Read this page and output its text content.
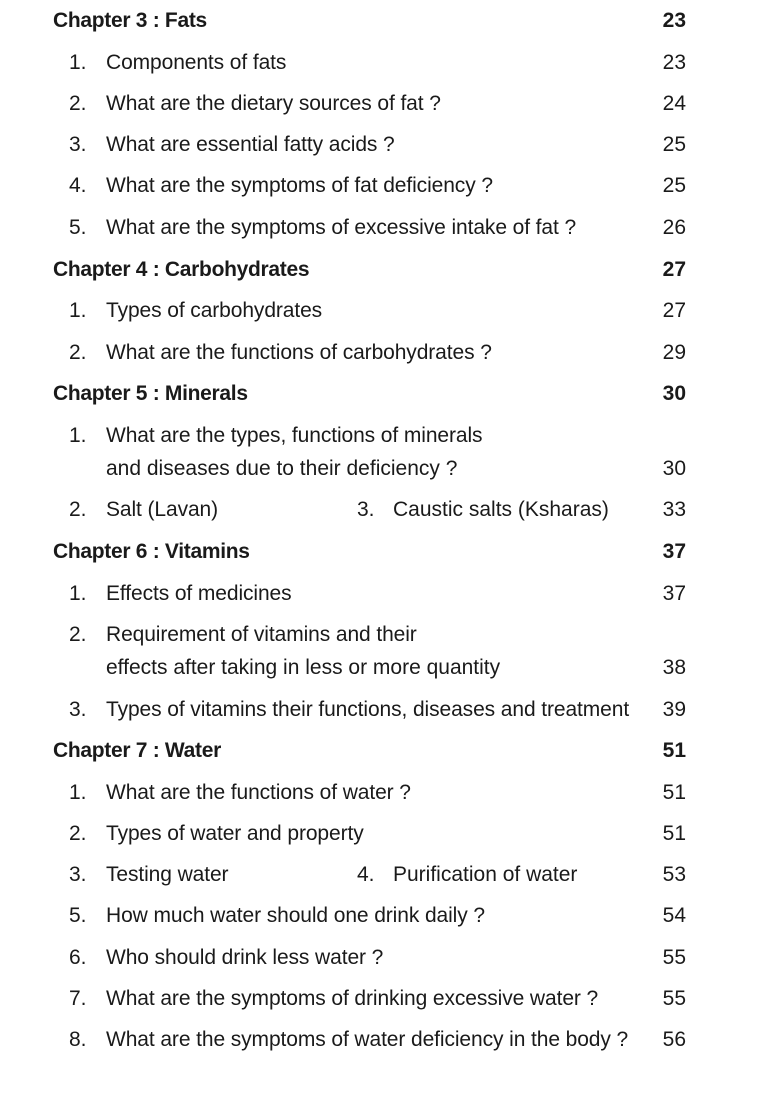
Chapter 3 : Fats	23
1. Components of fats	23
2. What are the dietary sources of fat ?	24
3. What are essential fatty acids ?	25
4. What are the symptoms of fat deficiency ?	25
5. What are the symptoms of excessive intake of fat ?	26
Chapter 4 : Carbohydrates	27
1. Types of carbohydrates	27
2. What are the functions of carbohydrates ?	29
Chapter 5 : Minerals	30
1. What are the types, functions of minerals
and diseases due to their deficiency ?	30
2. Salt (Lavan)	3. Caustic salts (Ksharas)	33
Chapter 6 : Vitamins	37
1. Effects of medicines	37
2. Requirement of vitamins and their
effects after taking in less or more quantity	38
3. Types of vitamins their functions, diseases and treatment 39
Chapter 7 : Water	51
1. What are the functions of water ?	51
2. Types of water and property	51
3. Testing water	4. Purification of water	53
5. How much water should one drink daily ?	54
6. Who should drink less water ?	55
7. What are the symptoms of drinking excessive water ?	55
8. What are the symptoms of water deficiency in the body ? 56
